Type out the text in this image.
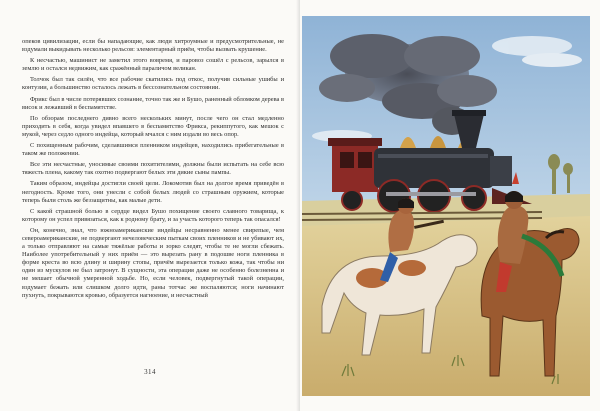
опеков цивилизации, если бы нападающие, как люди хитроумные и предусмотрительные, не вздумали выкидывать несколько рельсов: элементарный приём, чтобы вызвать крушение.

К несчастью, машинист не заметил этого вовремя, и паровоз сошёл с рельсов, зарылся в землю и остался недвижим, как сражённый параличом великан.

Толчок был так силён, что все рабочие скатились под откос, получив сильные ушибы и контузии, а большинство осталось лежать в бессознательном состоянии.

Фрикс был в числе потерявших сознание, точно так же и Бушо, раненный обломком дерева в висок и лежавший в беспамятстве.

По обзорам последнего дивно всего нескольких минут, после чего он стал медленно приходить в себя, когда увидел впавшего в беспамятство Фрикса, рекиппутого, как мешок с мукой, через седло одного индейца, который мчался с ним издали во весь опор.

С похищенным рабочим, сделавшимся пленником индейцев, находились прибегательные в таком же положении.

Все эти несчастные, уносимые своими похитителями, должны были испытать на себе всю тяжесть плена, какому так охотно подвергают белых эти дикие сыны пампы.

Таким образом, индейцы достигли своей цели. Локомотив был на долгое время приведён в негодность. Кроме того, они унесли с собой белых людей со страшным оружием, которые теперь были столь же беззащитны, как малые дети.

С какой страшной болью в сердце видел Бушо похищение своего славного товарища, к которому он успел привязаться, как к родному брату, и за участь которого теперь так опасался!

Он, конечно, знал, что южноамериканские индейцы несравненно менее свирепые, чем североамериканские, не подвергают нечеловеческим пыткам своих пленников и не убивают их, а только отправляют на самые тяжёлые работы и зорко следят, чтобы те не могли сбежать. Наиболее употребительный у них приём — это вырезать рану в подошве ноги пленника в форме креста во всю длину и ширину стопы, причём вырезается только кожа, так чтобы ни один из мускулов не был затронут. В сущности, эта операция даже не особенно болезненна и не мешает обычной умеренной ходьбе. Но, если человек, подвергнутый такой операции, вздумает бежать или слишком долго идти, раны тотчас же воспаляются; ноги начинают пухнуть, покрываются кровью, образуется нагноение, и несчастный

314
